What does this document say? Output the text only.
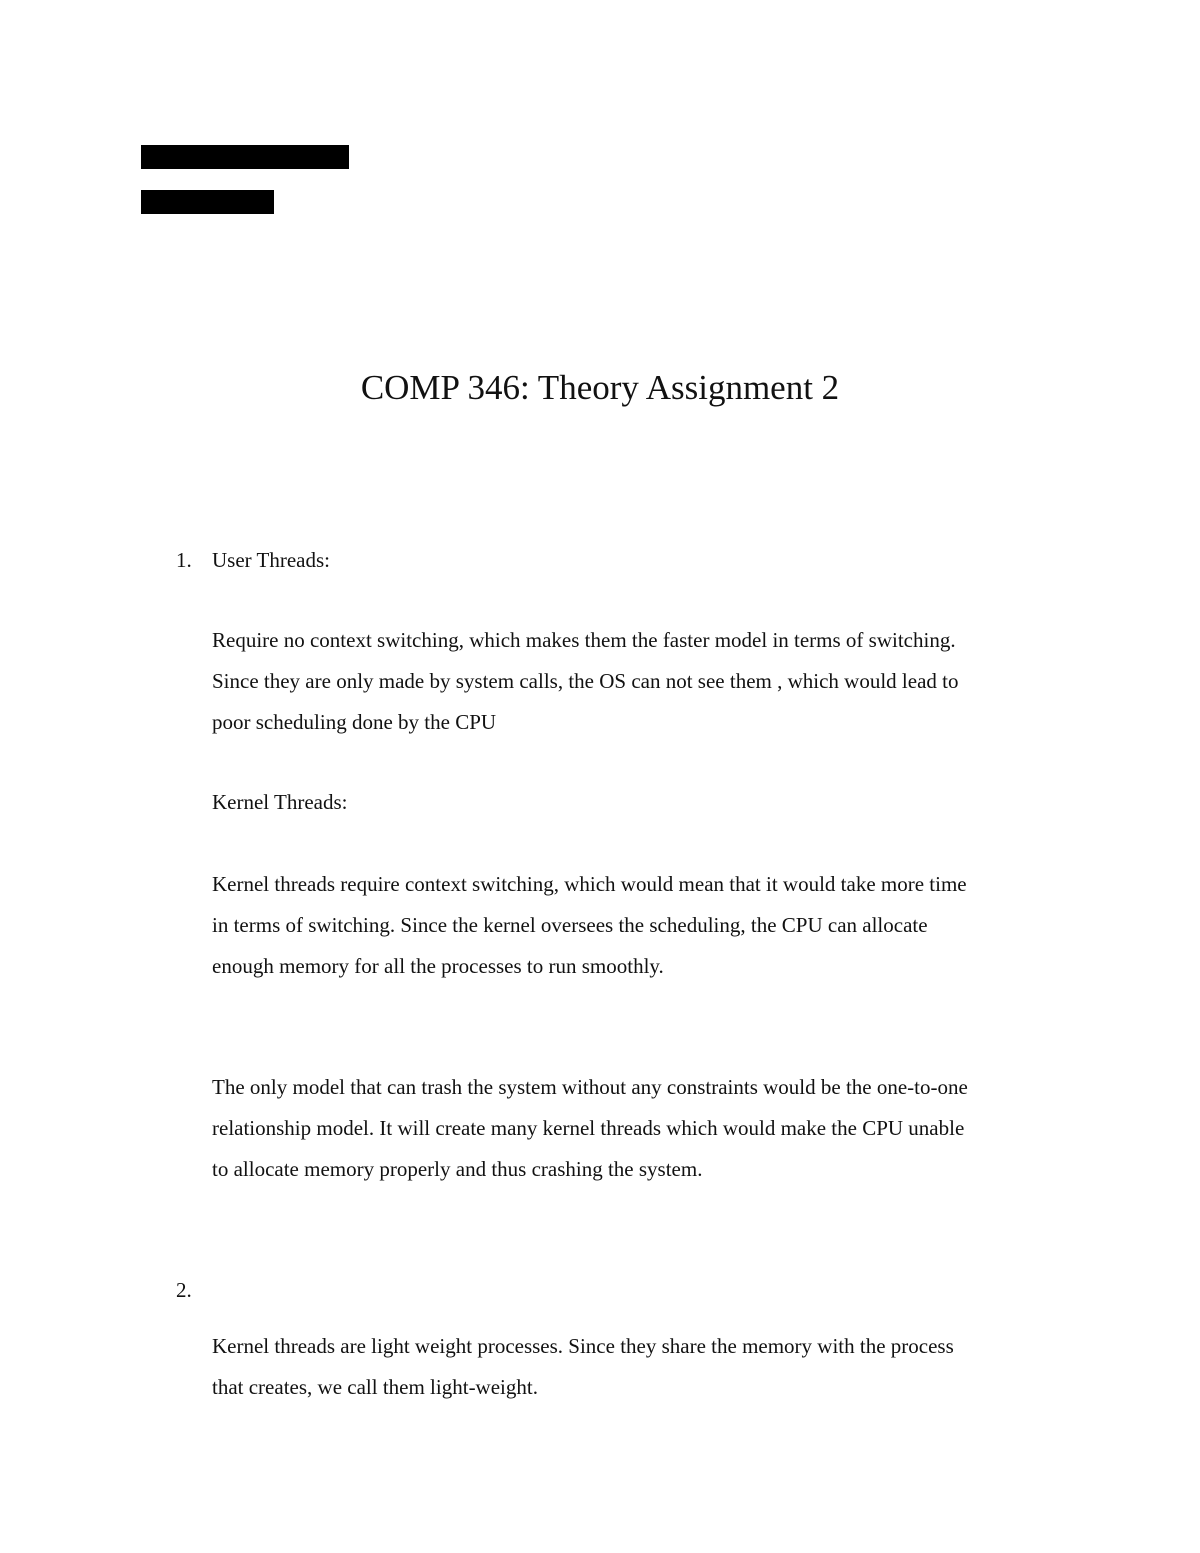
COMP 346: Theory Assignment 2
1. User Threads:
Require no context switching, which makes them the faster model in terms of switching.
Since they are only made by system calls, the OS can not see them , which would lead to
poor scheduling done by the CPU
Kernel Threads:
Kernel threads require context switching, which would mean that it would take more time
in terms of switching. Since the kernel oversees the scheduling, the CPU can allocate
enough memory for all the processes to run smoothly.
The only model that can trash the system without any constraints would be the one-to-one
relationship model. It will create many kernel threads which would make the CPU unable
to allocate memory properly and thus crashing the system.
2.
Kernel threads are light weight processes. Since they share the memory with the process
that creates, we call them light-weight.
